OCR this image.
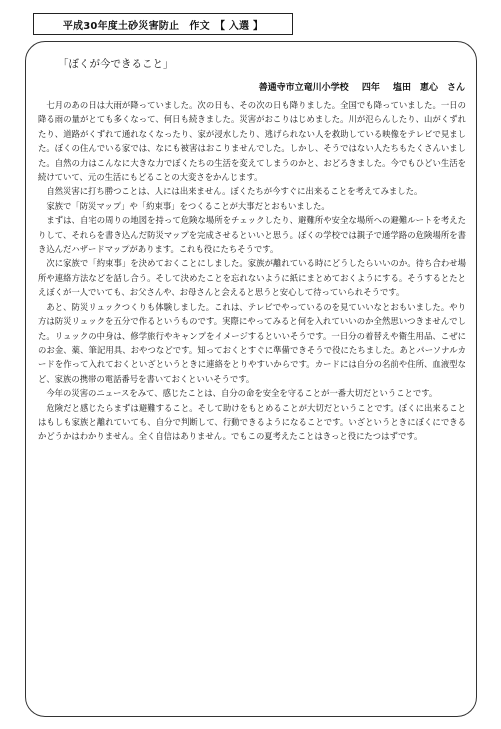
平成30年度土砂災害防止　作文　【 入選 】
「ぼくが今できること」
善通寺市立竜川小学校 四年 塩田　恵心　さん

七月のあの日は大雨が降っていました。次の日も、その次の日も降りました。全国でも降っていました。一日の降る雨の量がとても多くなって、何日も続きました。災害がおこりはじめました。川が氾らんしたり、山がくずれたり、道路がくずれて通れなくなったり、家が浸水したり、逃げられない人を救助している映像をテレビで見ました。ぼくの住んでいる家では、なにも被害はおこりませんでした。しかし、そうではない人たちもたくさんいました。自然の力はこんなに大きな力でぼくたちの生活を変えてしまうのかと、おどろきました。今でもひどい生活を続けていて、元の生活にもどることの大変さをかんじます。

自然災害に打ち勝つことは、人には出来ません。ぼくたちが今すぐに出来ることを考えてみました。

家族で「防災マップ」や「約束事」をつくることが大事だとおもいました。

まずは、自宅の周りの地図を持って危険な場所をチェックしたり、避難所や安全な場所への避難ルートを考えたりして、それらを書き込んだ防災マップを完成させるといいと思う。ぼくの学校では親子で通学路の危険場所を書き込んだハザードマップがあります。これも役にたちそうです。

次に家族で「約束事」を決めておくことにしました。家族が離れている時にどうしたらいいのか。待ち合わせ場所や連絡方法などを話し合う。そして決めたことを忘れないように紙にまとめておくようにする。そうするとたとえぼくが一人でいても、お父さんや、お母さんと会えると思うと安心して待っていられそうです。

あと、防災リュックつくりも体験しました。これは、テレビでやっているのを見ていいなとおもいました。やり方は防災リュックを五分で作るというものです。実際にやってみると何を入れていいのか全然思いつきませんでした。リュックの中身は、修学旅行やキャンプをイメージするといいそうです。一日分の着替えや衛生用品、こぜにのお金、薬、筆記用具、おやつなどです。知っておくとすぐに準備できそうで役にたちました。あとパーソナルカードを作って入れておくといざというときに連絡をとりやすいからです。カードには自分の名前や住所、血液型など、家族の携帯の電話番号を書いておくといいそうです。

今年の災害のニュースをみて、感じたことは、自分の命を安全を守ることが一番大切だということです。

危険だと感じたらまずは避難すること。そして助けをもとめることが大切だということです。ぼくに出来ることはもしも家族と離れていても、自分で判断して、行動できるようになることです。いざというときにぼくにできるかどうかはわかりません。全く自信はありません。でもこの夏考えたことはきっと役にたつはずです。
